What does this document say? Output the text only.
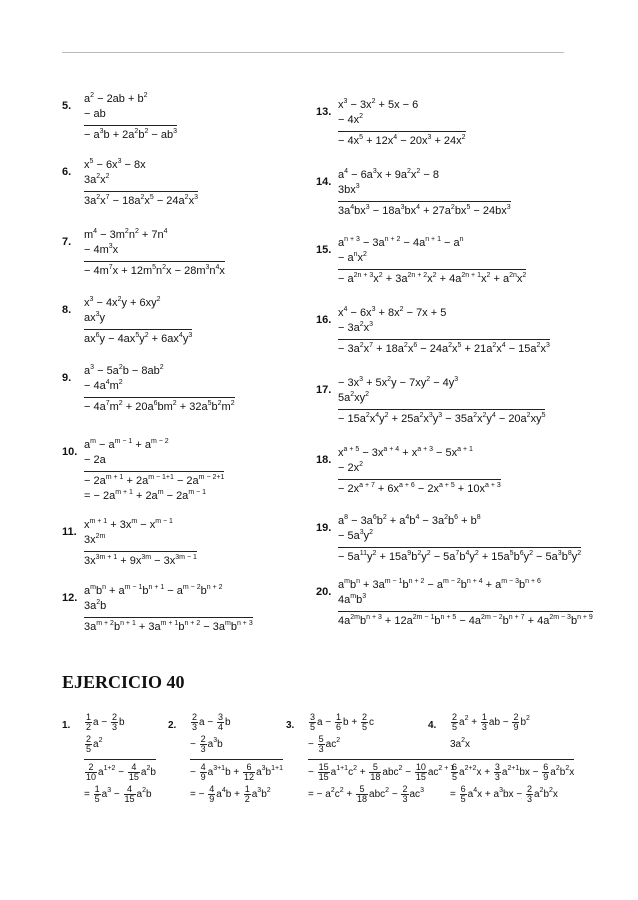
5.
$a^2 - 2ab + b^2$
− ab
− $a^3b + 2a^2b^2 - ab^3$
6.
$x^5 - 6x^3 - 8x$
$3a^2x^2$
$3a^2x^7 - 18a^2x^5 - 24a^2x^3$
7.
$m^4 - 3m^2n^2 + 7n^4$
− $4m^3x$
− $4m^7x + 12m^5n^2x - 28m^3n^4x$
8.
$x^3 - 4x^2y + 6xy^2$
$ax^3y$
$ax^6y - 4ax^5y^2 + 6ax^4y^3$
9.
$a^3 - 5a^2b - 8ab^2$
− $4a^4m^2$
− $4a^7m^2 + 20a^6bm^2 + 32a^5b^2m^2$
10.
$a^m - a^{m - 1} + a^{m - 2}$
− 2a
− $2a^{m + 1} + 2a^{m - 1+1} - 2a^{m - 2+1}$
= − $2a^{m + 1} + 2a^m - 2a^{m - 1}$
11.
$x^{m + 1} + 3x^m - x^{m - 1}$
$3x^{2m}$
$3x^{3m + 1} + 9x^{3m} - 3x^{3m - 1}$
12.
$a^mb^n + a^{m - 1}b^{n + 1} - a^{m - 2}b^{n + 2}$
$3a^2b$
$3a^{m + 2}b^{n + 1} + 3a^{m + 1}b^{n + 2} - 3a^mb^{n + 3}$
13.
$x^3 - 3x^2 + 5x - 6$
− $4x^2$
− $4x^5 + 12x^4 - 20x^3 + 24x^2$
14.
$a^4 - 6a^3x + 9a^2x^2 - 8$
$3bx^3$
$3a^4bx^3 - 18a^3bx^4 + 27a^2bx^5 - 24bx^3$
15.
$a^{n + 3} - 3a^{n + 2} - 4a^{n + 1} - a^n$
− $a^nx^2$
− $a^{2n + 3}x^2 + 3a^{2n + 2}x^2 + 4a^{2n + 1}x^2 + a^{2n}x^2$
16.
$x^4 - 6x^3 + 8x^2 - 7x + 5$
− $3a^2x^3$
− $3a^2x^7 + 18a^2x^6 - 24a^2x^5 + 21a^2x^4 - 15a^2x^3$
17.
− $3x^3 + 5x^2y - 7xy^2 - 4y^3$
$5a^2xy^2$
− $15a^2x^4y^2 + 25a^2x^3y^3 - 35a^2x^2y^4 - 20a^2xy^5$
18.
$x^{a + 5} - 3x^{a + 4} + x^{a + 3} - 5x^{a + 1}$
− $2x^2$
− $2x^{a + 7} + 6x^{a + 6} - 2x^{a + 5} + 10x^{a + 3}$
19.
$a^8 - 3a^6b^2 + a^4b^4 - 3a^2b^6 + b^8$
− $5a^3y^2$
− $5a^{11}y^2 + 15a^9b^2y^2 - 5a^7b^4y^2 + 15a^5b^6y^2 - 5a^3b^8y^2$
20.
$a^mb^n + 3a^{m - 1}b^{n + 2} - a^{m - 2}b^{n + 4} + a^{m - 3}b^{n + 6}$
$4a^mb^3$
$4a^{2m}b^{n + 3} + 12a^{2m - 1}b^{n + 5} - 4a^{2m - 2}b^{n + 7} + 4a^{2m - 3}b^{n + 9}$
EJERCICIO 40
1. $\frac{1}{2}$ $a - \frac{2}{3}$ b
$\frac{2}{5} a^2$
$\frac{2}{10} a^{1+2} - \frac{4}{15} a^2b$
= $\frac{1}{5} a^3 - \frac{4}{15} a^2b$
2. $\frac{2}{3}$ $a - \frac{3}{4}$ b
− $\frac{2}{3} a^3b$
− $\frac{4}{9} a^{3+1}b + \frac{6}{12} a^3b^{1+1}$
= − $\frac{4}{9} a^4b + \frac{1}{2} a^3b^2$
3. $\frac{3}{5}$ $a - \frac{1}{6}$ $b + \frac{2}{5}$ c
− $\frac{5}{3} ac^2$
− $\frac{15}{15} a^{1+1}c^2 + \frac{5}{18} abc^2 - \frac{10}{15} ac^{2 + 1}$
= − $a^2c^2 + \frac{5}{18} abc^2 - \frac{2}{3} ac^3$
4. $\frac{2}{5} a^2 + \frac{1}{3}$ ab − $\frac{2}{9} b^2$
$3a^2x$
$\frac{6}{5} a^{2+2}x + \frac{3}{3} a^{2+1}bx - \frac{6}{9} a^2b^2x$
= $\frac{6}{5} a^4x + a^3bx - \frac{2}{3} a^2b^2x$
